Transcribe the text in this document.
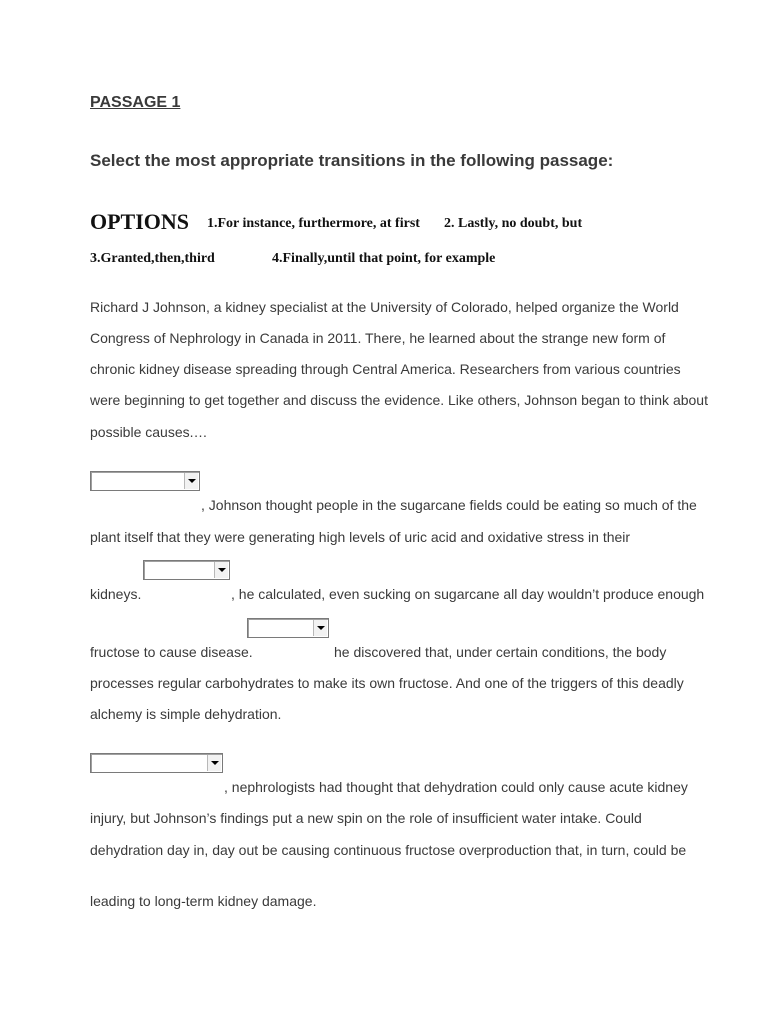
PASSAGE 1
Select the most appropriate transitions in the following passage:
OPTIONS 1.For instance, furthermore, at first 2. Lastly, no doubt, but
3.Granted,then,third	4.Finally,until that point, for example
Richard J Johnson, a kidney specialist at the University of Colorado, helped organize the World
Congress of Nephrology in Canada in 2011. There, he learned about the strange new form of
chronic kidney disease spreading through Central America. Researchers from various countries
were beginning to get together and discuss the evidence. Like others, Johnson began to think about
possible causes.…
, Johnson thought people in the sugarcane fields could be eating so much of the
plant itself that they were generating high levels of uric acid and oxidative stress in their
kidneys.	, he calculated, even sucking on sugarcane all day wouldn’t produce enough
fructose to cause disease.	he discovered that, under certain conditions, the body
processes regular carbohydrates to make its own fructose. And one of the triggers of this deadly
alchemy is simple dehydration.
, nephrologists had thought that dehydration could only cause acute kidney
injury, but Johnson’s findings put a new spin on the role of insufficient water intake. Could
dehydration day in, day out be causing continuous fructose overproduction that, in turn, could be
leading to long-term kidney damage.
